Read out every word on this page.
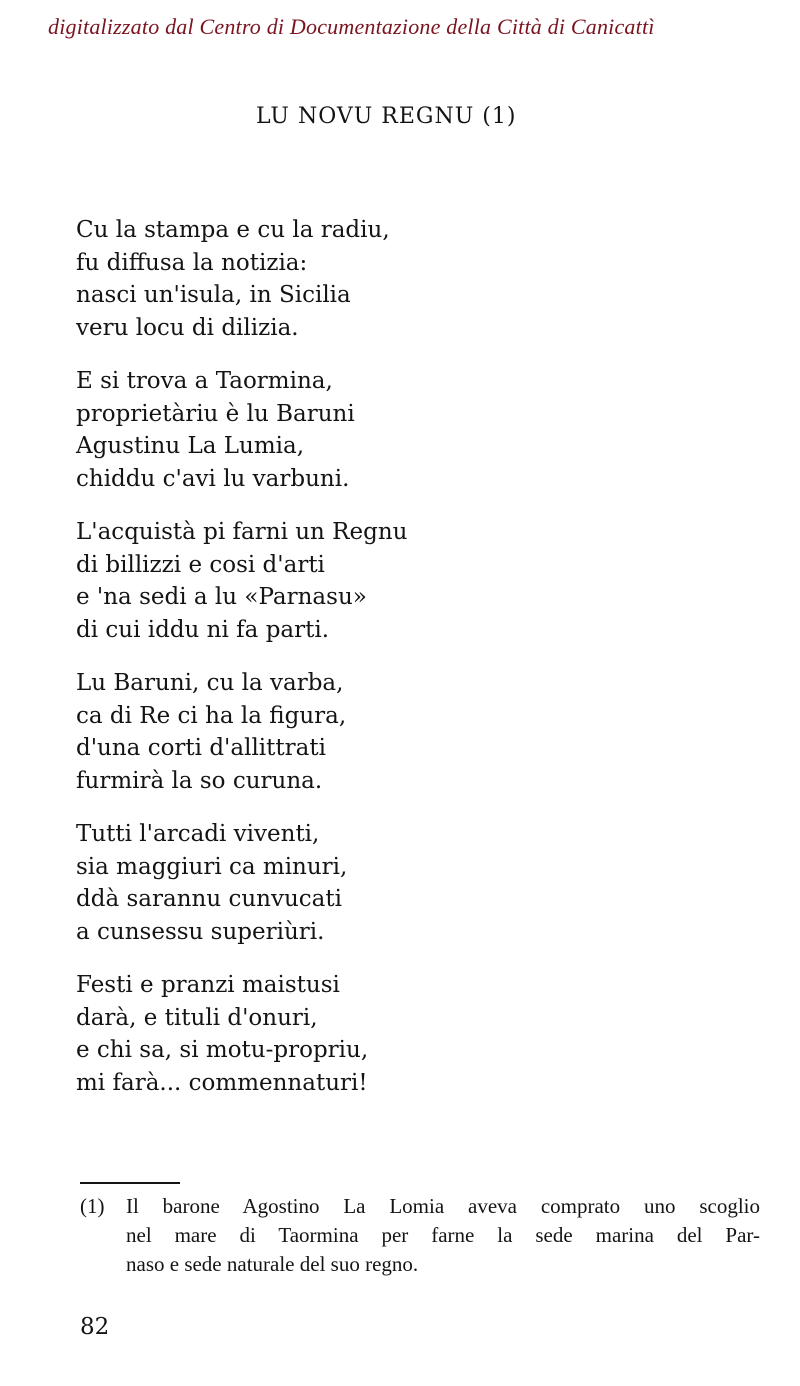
digitalizzato dal Centro di Documentazione della Città di Canicattì
LU NOVU REGNU (1)
Cu la stampa e cu la radiu,
fu diffusa la notizia:
nasci un'isula, in Sicilia
veru locu di dilizia.
E si trova a Taormina,
proprietàriu è lu Baruni
Agustinu La Lumia,
chiddu c'avi lu varbuni.
L'acquistà pi farni un Regnu
di billizzi e cosi d'arti
e 'na sedi a lu «Parnasu»
di cui iddu ni fa parti.
Lu Baruni, cu la varba,
ca di Re ci ha la figura,
d'una corti d'allittrati
furmirà la so curuna.
Tutti l'arcadi viventi,
sia maggiuri ca minuri,
ddà sarannu cunvucati
a cunsessu superiùri.
Festi e pranzi maistusi
darà, e tituli d'onuri,
e chi sa, si motu-propriu,
mi farà... commennaturi!
(1)	Il barone Agostino La Lomia aveva comprato uno scoglio
nel mare di Taormina per farne la sede marina del Par-
naso e sede naturale del suo regno.
82
